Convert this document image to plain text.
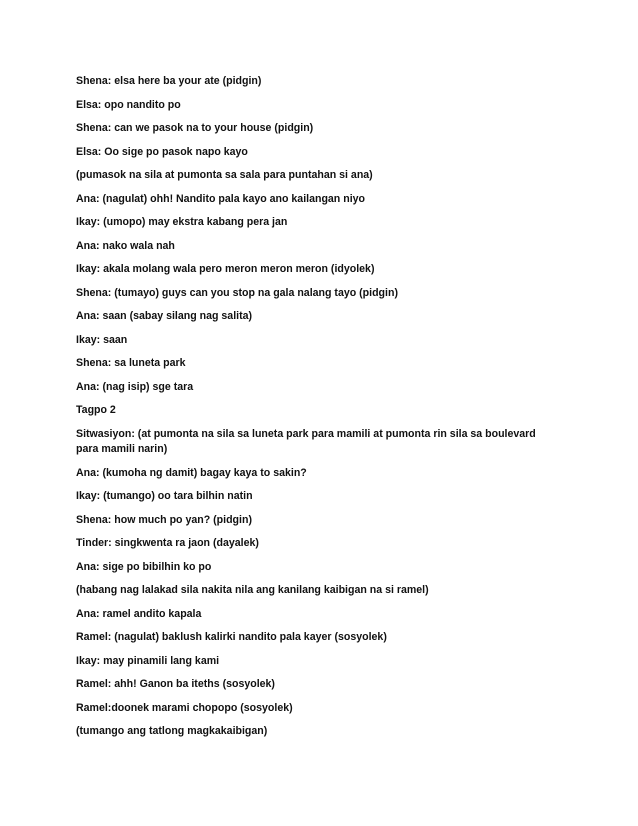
Shena: elsa here ba your ate (pidgin)
Elsa: opo nandito po
Shena: can we pasok na to your house (pidgin)
Elsa: Oo sige po pasok napo kayo
(pumasok na sila at pumonta sa sala para puntahan si ana)
Ana: (nagulat) ohh! Nandito pala kayo ano kailangan niyo
Ikay: (umopo) may ekstra kabang pera jan
Ana: nako wala nah
Ikay: akala molang wala pero meron meron meron (idyolek)
Shena: (tumayo) guys can you stop na gala nalang tayo (pidgin)
Ana: saan (sabay silang nag salita)
Ikay: saan
Shena: sa luneta park
Ana: (nag isip) sge tara
Tagpo 2
Sitwasiyon: (at pumonta na sila sa luneta park para mamili at pumonta rin sila sa boulevard para mamili narin)
Ana: (kumoha ng damit) bagay kaya to sakin?
Ikay: (tumango) oo tara bilhin natin
Shena: how much po yan? (pidgin)
Tinder: singkwenta ra jaon (dayalek)
Ana: sige po bibilhin ko po
(habang nag lalakad sila nakita nila ang kanilang kaibigan na si ramel)
Ana: ramel andito kapala
Ramel: (nagulat) baklush kalirki nandito pala kayer (sosyolek)
Ikay: may pinamili lang kami
Ramel: ahh! Ganon ba iteths (sosyolek)
Ramel:doonek marami chopopo (sosyolek)
(tumango ang tatlong magkakaibigan)
